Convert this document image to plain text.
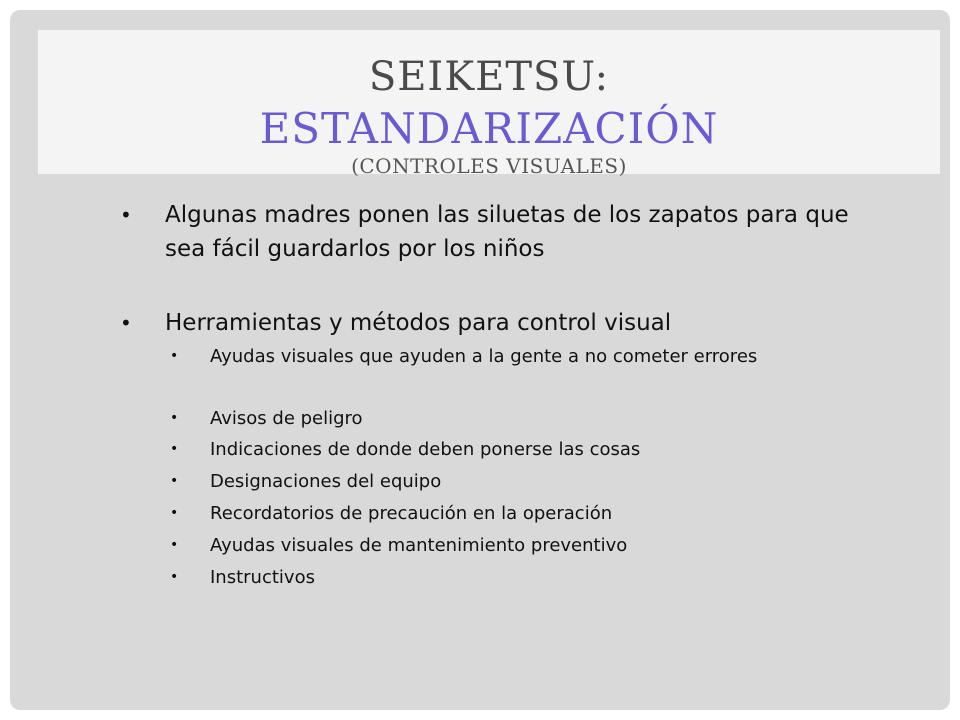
SEIKETSU:
ESTANDARIZACIÓN
(CONTROLES VISUALES)
• Algunas madres ponen las siluetas de los zapatos para que sea fácil guardarlos por los niños
• Herramientas y métodos para control visual
• Ayudas visuales que ayuden a la gente a no cometer errores
• Avisos de peligro
• Indicaciones de donde deben ponerse las cosas
• Designaciones del equipo
• Recordatorios de precaución en la operación
• Ayudas visuales de mantenimiento preventivo
• Instructivos
